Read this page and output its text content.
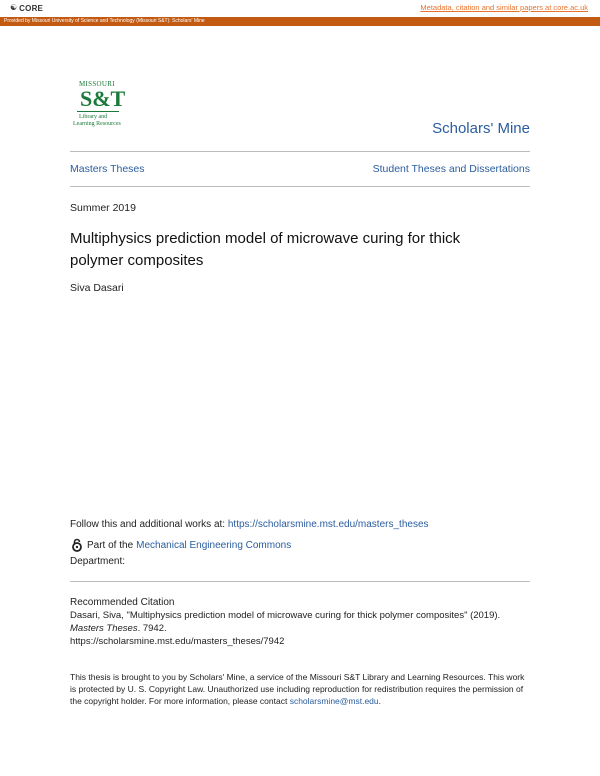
☯ CORE	Metadata, citation and similar papers at core.ac.uk
Provided by Missouri University of Science and Technology (Missouri S&T): Scholars' Mine
MISSOURI
S&T
Library and
Learning Resources	Scholars' Mine
Masters Theses	Student Theses and Dissertations
Summer 2019
Multiphysics prediction model of microwave curing for thick polymer composites
Siva Dasari
Follow this and additional works at: https://scholarsmine.mst.edu/masters_theses
Part of the Mechanical Engineering Commons
Department:
Recommended Citation
Dasari, Siva, "Multiphysics prediction model of microwave curing for thick polymer composites" (2019).
Masters Theses. 7942.
https://scholarsmine.mst.edu/masters_theses/7942
This thesis is brought to you by Scholars' Mine, a service of the Missouri S&T Library and Learning Resources. This work is protected by U. S. Copyright Law. Unauthorized use including reproduction for redistribution requires the permission of the copyright holder. For more information, please contact scholarsmine@mst.edu.
